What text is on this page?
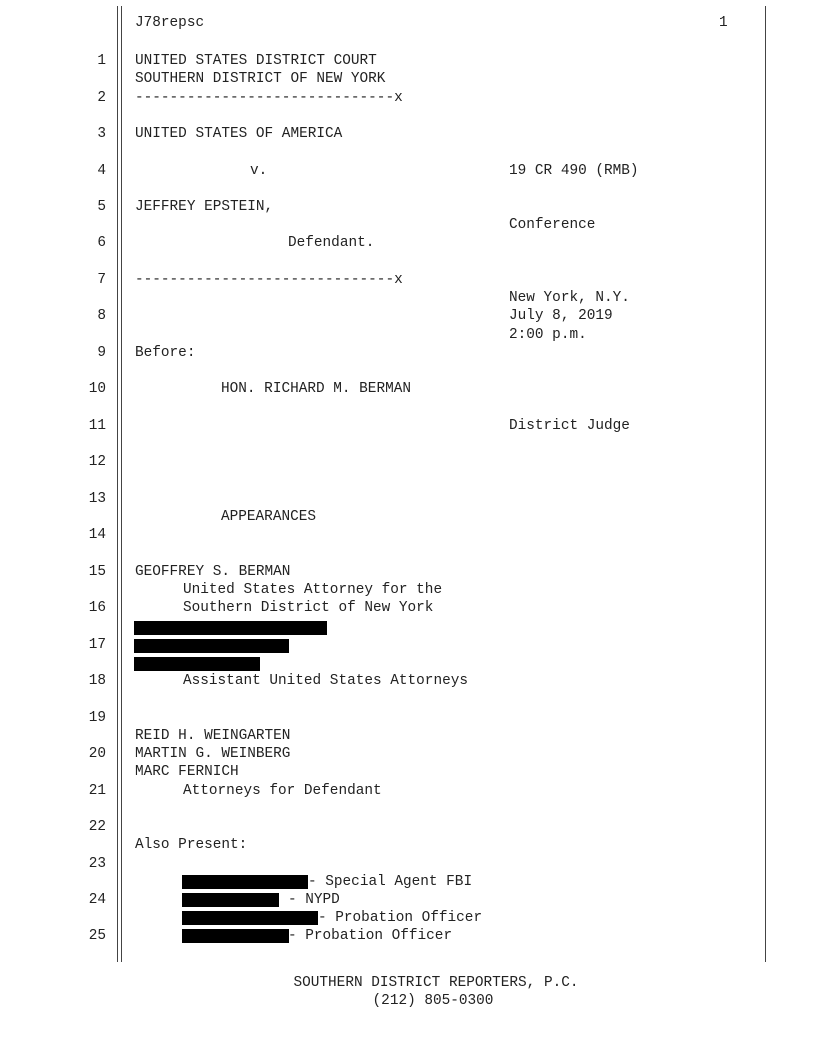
J78repsc	1
1
2
3
4
5
6
7
8
9
10
11
12
13
14
15
16
17
18
19
20
21
22
23
24
25
UNITED STATES DISTRICT COURT
SOUTHERN DISTRICT OF NEW YORK
------------------------------x
UNITED STATES OF AMERICA
v.	19 CR 490 (RMB)
JEFFREY EPSTEIN,
Conference
Defendant.
------------------------------x
New York, N.Y.
July 8, 2019
2:00 p.m.
Before:
HON. RICHARD M. BERMAN
District Judge
APPEARANCES
GEOFFREY S. BERMAN
United States Attorney for the
Southern District of New York
Assistant United States Attorneys
REID H. WEINGARTEN
MARTIN G. WEINBERG
MARC FERNICH
Attorneys for Defendant
Also Present:
- Special Agent FBI
- NYPD
- Probation Officer
- Probation Officer
SOUTHERN DISTRICT REPORTERS, P.C.
(212) 805-0300
